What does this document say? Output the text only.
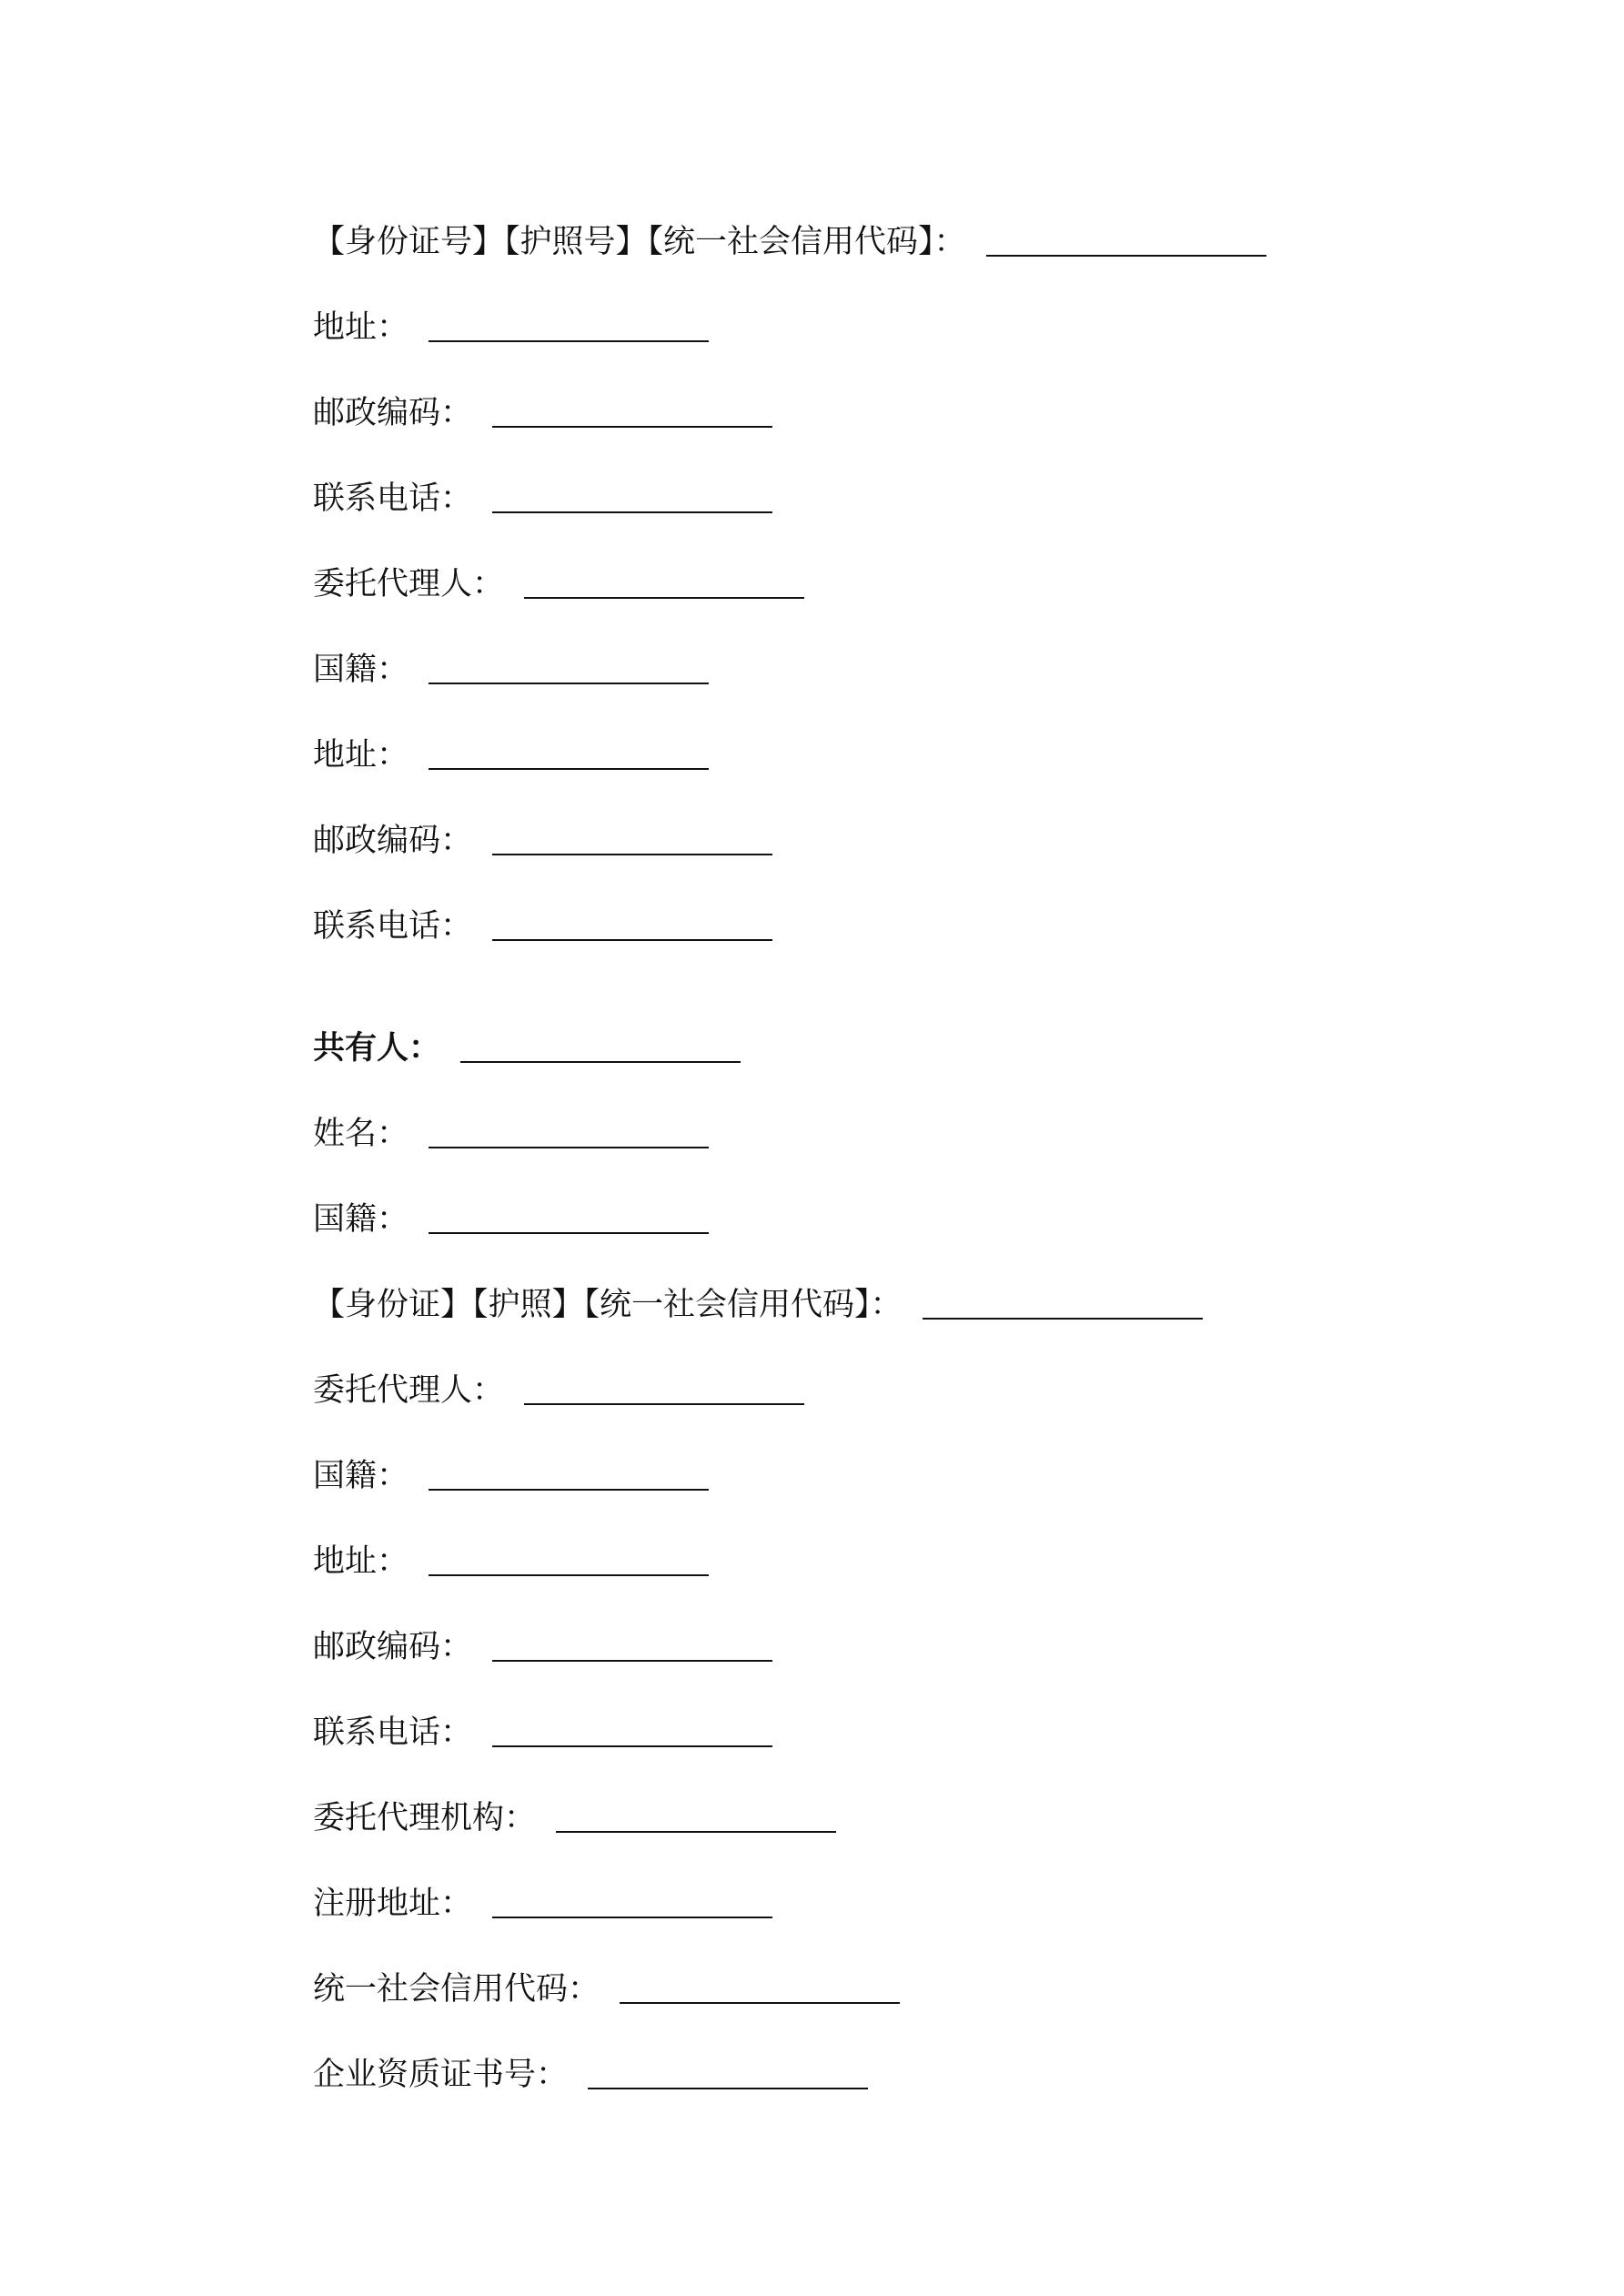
【身份证号】【护照号】【统一社会信用代码】：
地址：
邮政编码：
联系电话：
委托代理人：
国籍：
地址：
邮政编码：
联系电话：
共有人：
姓名：
国籍：
【身份证】【护照】【统一社会信用代码】：
委托代理人：
国籍：
地址：
邮政编码：
联系电话：
委托代理机构：
注册地址：
统一社会信用代码：
企业资质证书号：
